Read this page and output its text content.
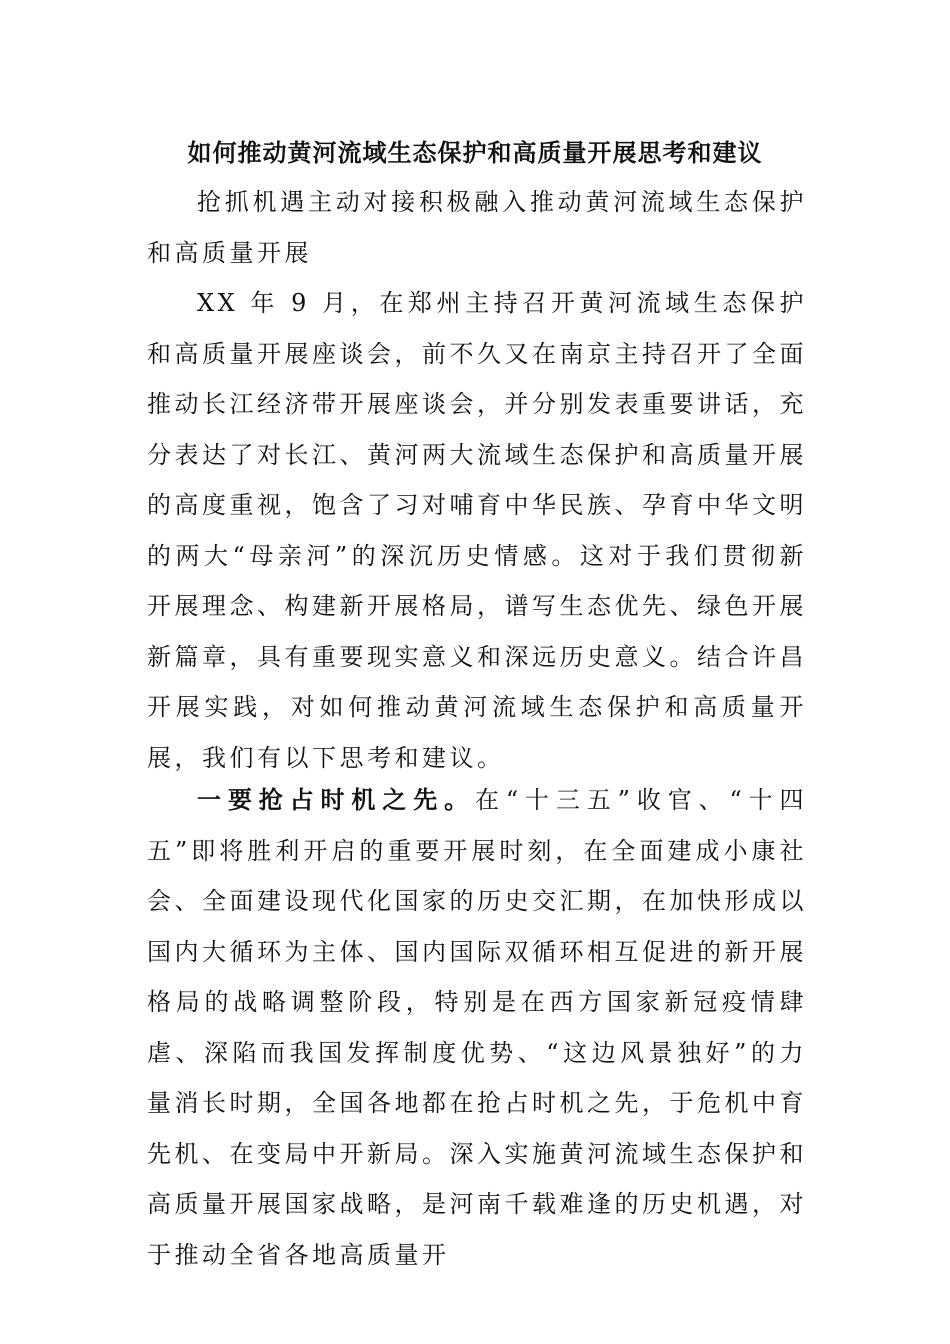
如何推动黄河流域生态保护和高质量开展思考和建议

抢抓机遇主动对接积极融入推动黄河流域生态保护和高质量开展

XX 年 9 月，在郑州主持召开黄河流域生态保护和高质量开展座谈会，前不久又在南京主持召开了全面推动长江经济带开展座谈会，并分别发表重要讲话，充分表达了对长江、黄河两大流域生态保护和高质量开展的高度重视，饱含了习对哺育中华民族、孕育中华文明的两大“母亲河”的深沉历史情感。这对于我们贯彻新开展理念、构建新开展格局，谱写生态优先、绿色开展新篇章，具有重要现实意义和深远历史意义。结合许昌开展实践，对如何推动黄河流域生态保护和高质量开展，我们有以下思考和建议。

一要抢占时机之先。在“十三五”收官、“十四五”即将胜利开启的重要开展时刻，在全面建成小康社会、全面建设现代化国家的历史交汇期，在加快形成以国内大循环为主体、国内国际双循环相互促进的新开展格局的战略调整阶段，特别是在西方国家新冠疫情肆虐、深陷而我国发挥制度优势、“这边风景独好”的力量消长时期，全国各地都在抢占时机之先，于危机中育先机、在变局中开新局。深入实施黄河流域生态保护和高质量开展国家战略，是河南千载难逢的历史机遇，对于推动全省各地高质量开
